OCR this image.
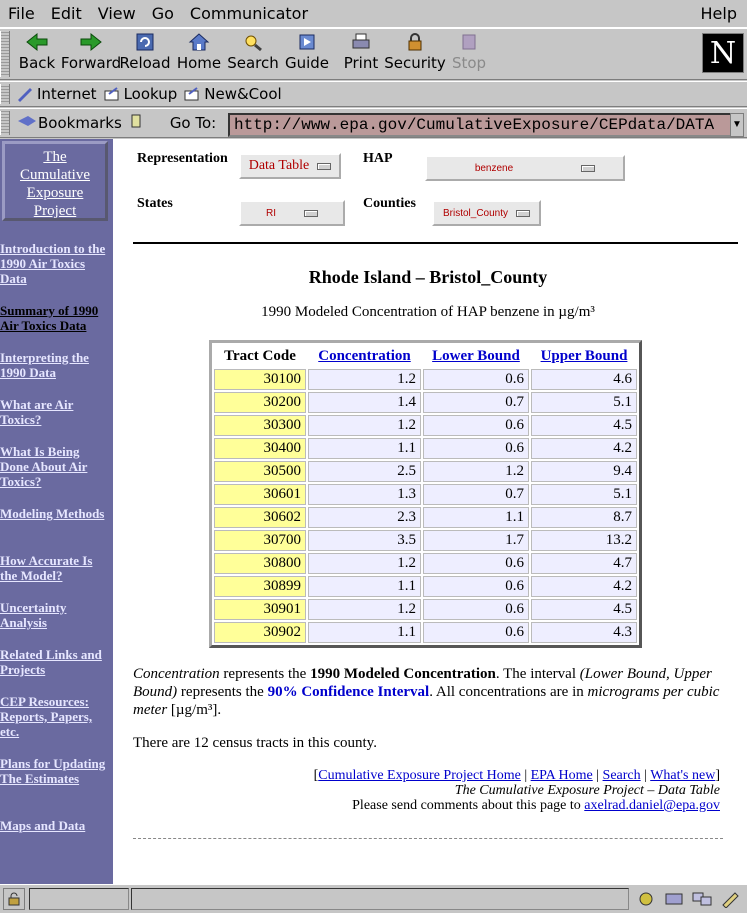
File	Edit	View	Go	Communicator	Help
Back Forward
Reload Home Search Guide Print Security Stop	N
Internet Lookup New&Cool
Bookmarks	Go To:	http://www.epa.gov/CumulativeExposure/CEPdata/DATA	▼
The Cumulative Exposure Project
Introduction to the 1990 Air Toxics Data
Summary of 1990 Air Toxics Data
Interpreting the 1990 Data
What are Air Toxics?
What Is Being Done About Air Toxics?
Modeling Methods
How Accurate Is the Model?
Uncertainty Analysis
Related Links and Projects
CEP Resources: Reports, Papers, etc.
Plans for Updating The Estimates
Maps and Data
Representation Data Table	HAP
benzene
States
RI
Counties
Bristol_County
Rhode Island – Bristol_County
1990 Modeled Concentration of HAP benzene in µg/m³
Tract Code	Concentration	Lower Bound	Upper Bound
30100	1.2	0.6	4.6
30200	1.4	0.7	5.1
30300	1.2	0.6	4.5
30400	1.1	0.6	4.2
30500	2.5	1.2	9.4
30601	1.3	0.7	5.1
30602	2.3	1.1	8.7
30700	3.5	1.7	13.2
30800	1.2	0.6	4.7
30899	1.1	0.6	4.2
30901	1.2	0.6	4.5
30902	1.1	0.6	4.3
Concentration represents the 1990 Modeled Concentration. The interval (Lower Bound, Upper Bound) represents the 90% Confidence Interval. All concentrations are in micrograms per cubic meter [µg/m³].
There are 12 census tracts in this county.
[Cumulative Exposure Project Home | EPA Home | Search | What's new]
The Cumulative Exposure Project – Data Table
Please send comments about this page to axelrad.daniel@epa.gov
